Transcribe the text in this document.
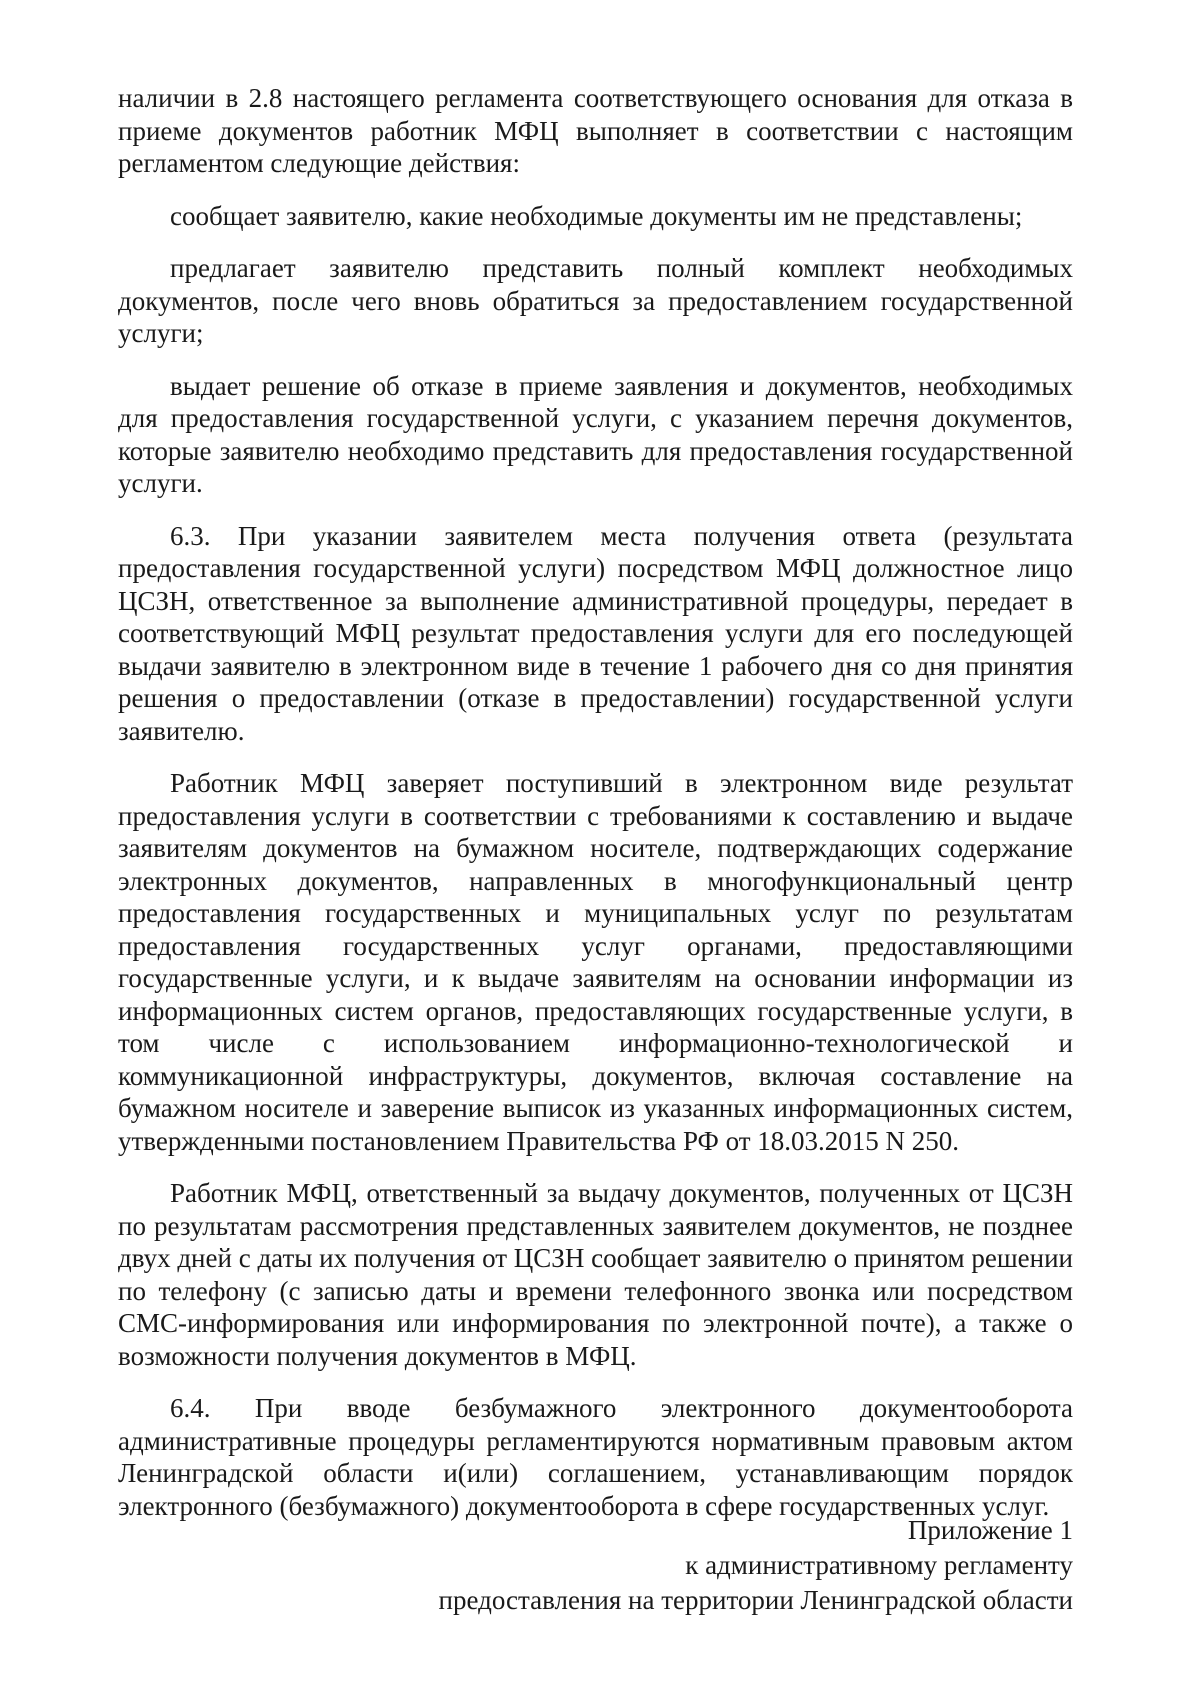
наличии в 2.8 настоящего регламента соответствующего основания для отказа в приеме документов работник МФЦ выполняет в соответствии с настоящим регламентом следующие действия:

сообщает заявителю, какие необходимые документы им не представлены;

предлагает заявителю представить полный комплект необходимых документов, после чего вновь обратиться за предоставлением государственной услуги;

выдает решение об отказе в приеме заявления и документов, необходимых для предоставления государственной услуги, с указанием перечня документов, которые заявителю необходимо представить для предоставления государственной услуги.

6.3. При указании заявителем места получения ответа (результата предоставления государственной услуги) посредством МФЦ должностное лицо ЦСЗН, ответственное за выполнение административной процедуры, передает в соответствующий МФЦ результат предоставления услуги для его последующей выдачи заявителю в электронном виде в течение 1 рабочего дня со дня принятия решения о предоставлении (отказе в предоставлении) государственной услуги заявителю.

Работник МФЦ заверяет поступивший в электронном виде результат предоставления услуги в соответствии с требованиями к составлению и выдаче заявителям документов на бумажном носителе, подтверждающих содержание электронных документов, направленных в многофункциональный центр предоставления государственных и муниципальных услуг по результатам предоставления государственных услуг органами, предоставляющими государственные услуги, и к выдаче заявителям на основании информации из информационных систем органов, предоставляющих государственные услуги, в том числе с использованием информационно-технологической и коммуникационной инфраструктуры, документов, включая составление на бумажном носителе и заверение выписок из указанных информационных систем, утвержденными постановлением Правительства РФ от 18.03.2015 N 250.

Работник МФЦ, ответственный за выдачу документов, полученных от ЦСЗН по результатам рассмотрения представленных заявителем документов, не позднее двух дней с даты их получения от ЦСЗН сообщает заявителю о принятом решении по телефону (с записью даты и времени телефонного звонка или посредством СМС-информирования или информирования по электронной почте), а также о возможности получения документов в МФЦ.

6.4. При вводе безбумажного электронного документооборота административные процедуры регламентируются нормативным правовым актом Ленинградской области и(или) соглашением, устанавливающим порядок электронного (безбумажного) документооборота в сфере государственных услуг.

Приложение 1
к административному регламенту
предоставления на территории Ленинградской области
